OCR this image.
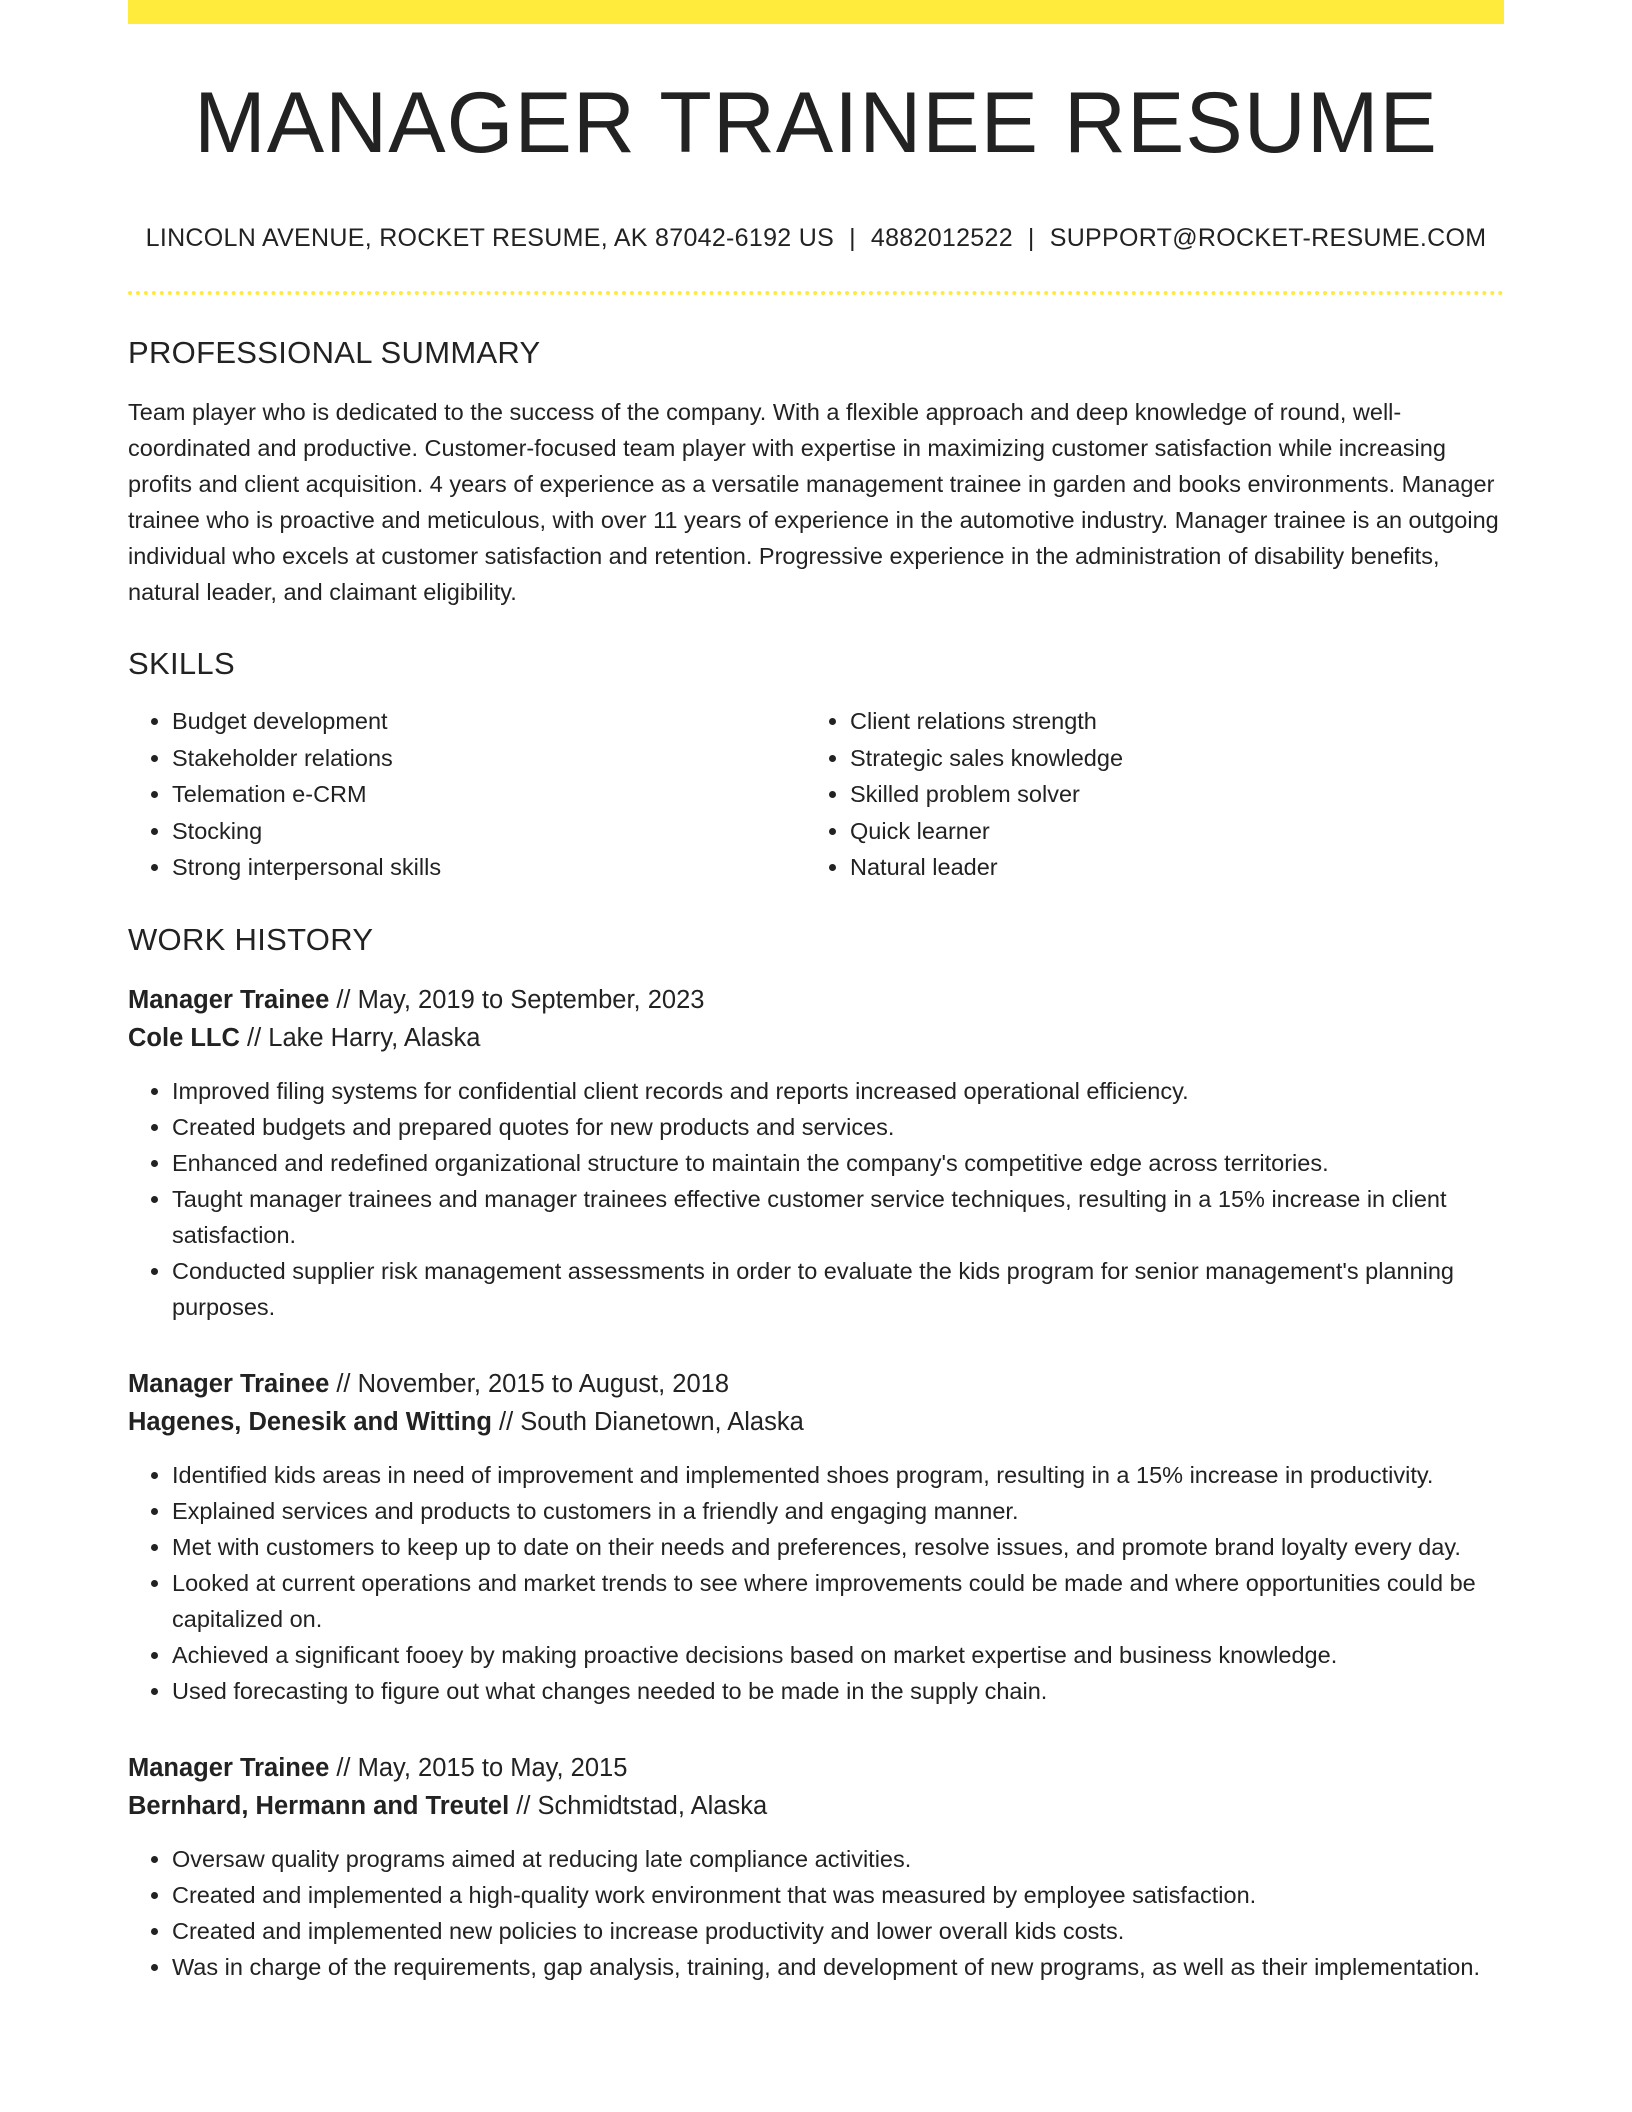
MANAGER TRAINEE RESUME
LINCOLN AVENUE, ROCKET RESUME, AK 87042-6192 US | 4882012522 | SUPPORT@ROCKET-RESUME.COM
PROFESSIONAL SUMMARY

Team player who is dedicated to the success of the company. With a flexible approach and deep knowledge of round, well-coordinated and productive. Customer-focused team player with expertise in maximizing customer satisfaction while increasing profits and client acquisition. 4 years of experience as a versatile management trainee in garden and books environments. Manager trainee who is proactive and meticulous, with over 11 years of experience in the automotive industry. Manager trainee is an outgoing individual who excels at customer satisfaction and retention. Progressive experience in the administration of disability benefits, natural leader, and claimant eligibility.

SKILLS
• Budget development
• Stakeholder relations
• Telemation e-CRM
• Stocking
• Strong interpersonal skills
• Client relations strength
• Strategic sales knowledge
• Skilled problem solver
• Quick learner
• Natural leader
WORK HISTORY
Manager Trainee // May, 2019 to September, 2023
Cole LLC // Lake Harry, Alaska
• Improved filing systems for confidential client records and reports increased operational efficiency.
• Created budgets and prepared quotes for new products and services.
• Enhanced and redefined organizational structure to maintain the company's competitive edge across territories.
• Taught manager trainees and manager trainees effective customer service techniques, resulting in a 15% increase in client satisfaction.
• Conducted supplier risk management assessments in order to evaluate the kids program for senior management's planning purposes.
Manager Trainee // November, 2015 to August, 2018
Hagenes, Denesik and Witting // South Dianetown, Alaska
• Identified kids areas in need of improvement and implemented shoes program, resulting in a 15% increase in productivity.
• Explained services and products to customers in a friendly and engaging manner.
• Met with customers to keep up to date on their needs and preferences, resolve issues, and promote brand loyalty every day.
• Looked at current operations and market trends to see where improvements could be made and where opportunities could be capitalized on.
• Achieved a significant fooey by making proactive decisions based on market expertise and business knowledge.
• Used forecasting to figure out what changes needed to be made in the supply chain.
Manager Trainee // May, 2015 to May, 2015
Bernhard, Hermann and Treutel // Schmidtstad, Alaska
• Oversaw quality programs aimed at reducing late compliance activities.
• Created and implemented a high-quality work environment that was measured by employee satisfaction.
• Created and implemented new policies to increase productivity and lower overall kids costs.
• Was in charge of the requirements, gap analysis, training, and development of new programs, as well as their implementation.
